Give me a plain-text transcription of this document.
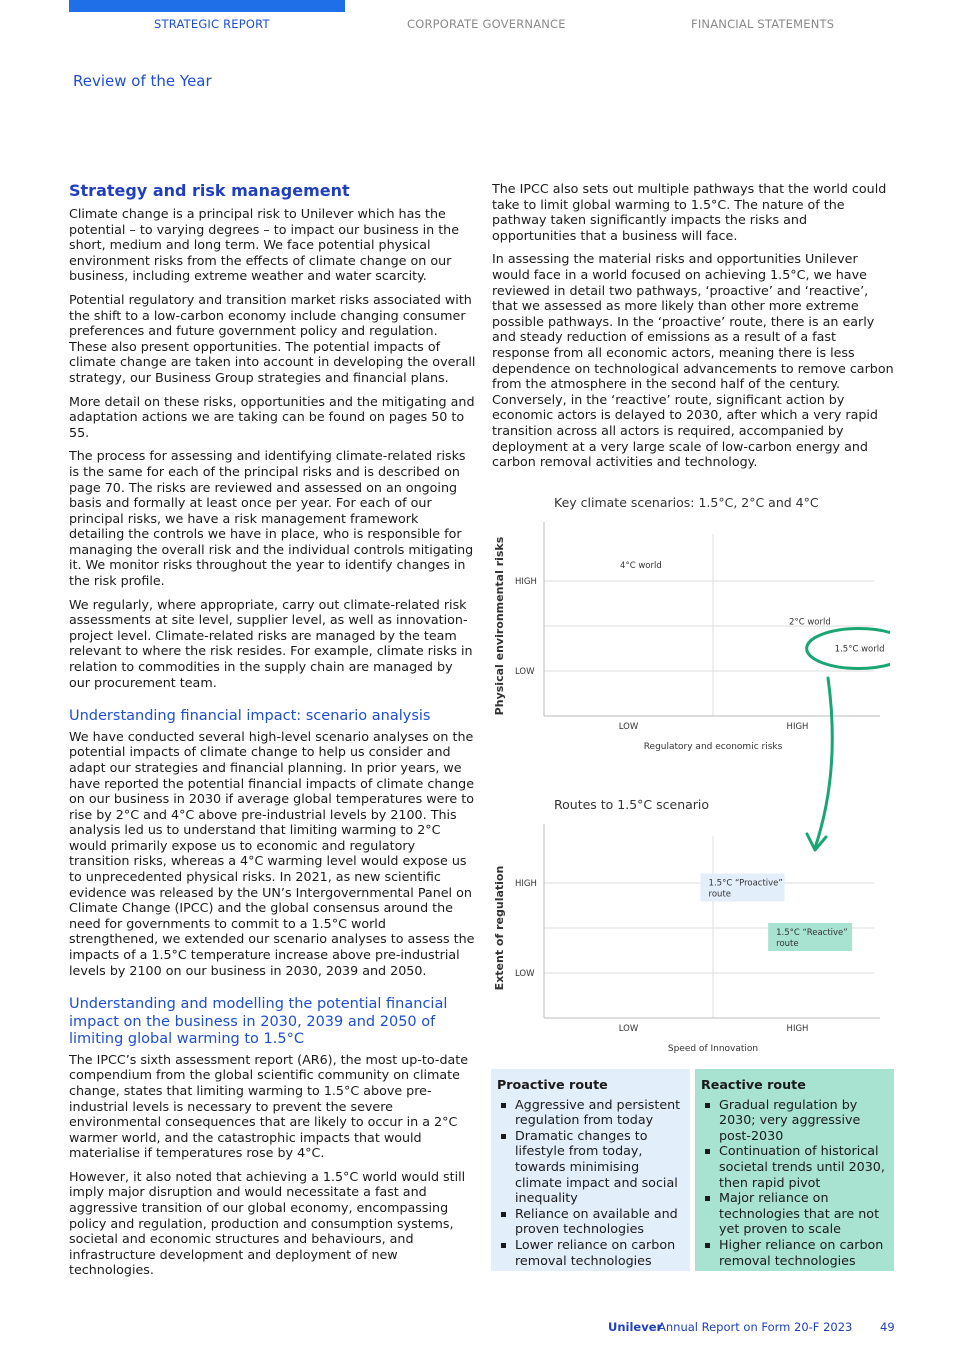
STRATEGIC REPORT	CORPORATE GOVERNANCE	FINANCIAL STATEMENTS
Review of the Year
Strategy and risk management

Climate change is a principal risk to Unilever which has the potential – to varying degrees – to impact our business in the short, medium and long term. We face potential physical environment risks from the effects of climate change on our business, including extreme weather and water scarcity.

Potential regulatory and transition market risks associated with the shift to a low-carbon economy include changing consumer preferences and future government policy and regulation. These also present opportunities. The potential impacts of climate change are taken into account in developing the overall strategy, our Business Group strategies and financial plans.

More detail on these risks, opportunities and the mitigating and adaptation actions we are taking can be found on pages 50 to 55.

The process for assessing and identifying climate-related risks is the same for each of the principal risks and is described on page 70. The risks are reviewed and assessed on an ongoing basis and formally at least once per year. For each of our principal risks, we have a risk management framework detailing the controls we have in place, who is responsible for managing the overall risk and the individual controls mitigating it. We monitor risks throughout the year to identify changes in the risk profile.

We regularly, where appropriate, carry out climate-related risk assessments at site level, supplier level, as well as innovation-project level. Climate-related risks are managed by the team relevant to where the risk resides. For example, climate risks in relation to commodities in the supply chain are managed by our procurement team.

Understanding financial impact: scenario analysis

We have conducted several high-level scenario analyses on the potential impacts of climate change to help us consider and adapt our strategies and financial planning. In prior years, we have reported the potential financial impacts of climate change on our business in 2030 if average global temperatures were to rise by 2°C and 4°C above pre-industrial levels by 2100. This analysis led us to understand that limiting warming to 2°C would primarily expose us to economic and regulatory transition risks, whereas a 4°C warming level would expose us to unprecedented physical risks. In 2021, as new scientific evidence was released by the UN’s Intergovernmental Panel on Climate Change (IPCC) and the global consensus around the need for governments to commit to a 1.5°C world strengthened, we extended our scenario analyses to assess the impacts of a 1.5°C temperature increase above pre-industrial levels by 2100 on our business in 2030, 2039 and 2050.

Understanding and modelling the potential financial impact on the business in 2030, 2039 and 2050 of limiting global warming to 1.5°C

The IPCC’s sixth assessment report (AR6), the most up-to-date compendium from the global scientific community on climate change, states that limiting warming to 1.5°C above pre-industrial levels is necessary to prevent the severe environmental consequences that are likely to occur in a 2°C warmer world, and the catastrophic impacts that would materialise if temperatures rose by 4°C.

However, it also noted that achieving a 1.5°C world would still imply major disruption and would necessitate a fast and aggressive transition of our global economy, encompassing policy and regulation, production and consumption systems, societal and economic structures and behaviours, and infrastructure development and deployment of new technologies.

The IPCC also sets out multiple pathways that the world could take to limit global warming to 1.5°C. The nature of the pathway taken significantly impacts the risks and opportunities that a business will face.

In assessing the material risks and opportunities Unilever would face in a world focused on achieving 1.5°C, we have reviewed in detail two pathways, ‘proactive’ and ‘reactive’, that we assessed as more likely than other more extreme possible pathways. In the ‘proactive’ route, there is an early and steady reduction of emissions as a result of a fast response from all economic actors, meaning there is less dependence on technological advancements to remove carbon from the atmosphere in the second half of the century. Conversely, in the ‘reactive’ route, significant action by economic actors is delayed to 2030, after which a very rapid transition across all actors is required, accompanied by deployment at a very large scale of low-carbon energy and carbon removal activities and technology.

Key climate scenarios: 1.5°C, 2°C and 4°C
LOW	HIGH
LOW
HIGH
Regulatory and economic risks
Physical environmental risks	4°C world
2°C world
1.5°C world
Routes to 1.5°C scenario
LOW	HIGH
LOW
HIGH
Speed of Innovation
Extent of regulation	1.5°C “Proactive”
route
1.5°C “Reactive”
route
Proactive route
Aggressive and persistent regulation from today
Dramatic changes to lifestyle from today, towards minimising climate impact and social inequality
Reliance on available and proven technologies
Lower reliance on carbon removal technologies
Reactive route
Gradual regulation by 2030; very aggressive post-2030
Continuation of historical societal trends until 2030, then rapid pivot
Major reliance on technologies that are not yet proven to scale
Higher reliance on carbon removal technologies
Unilever
Annual Report on Form 20-F 2023 49
